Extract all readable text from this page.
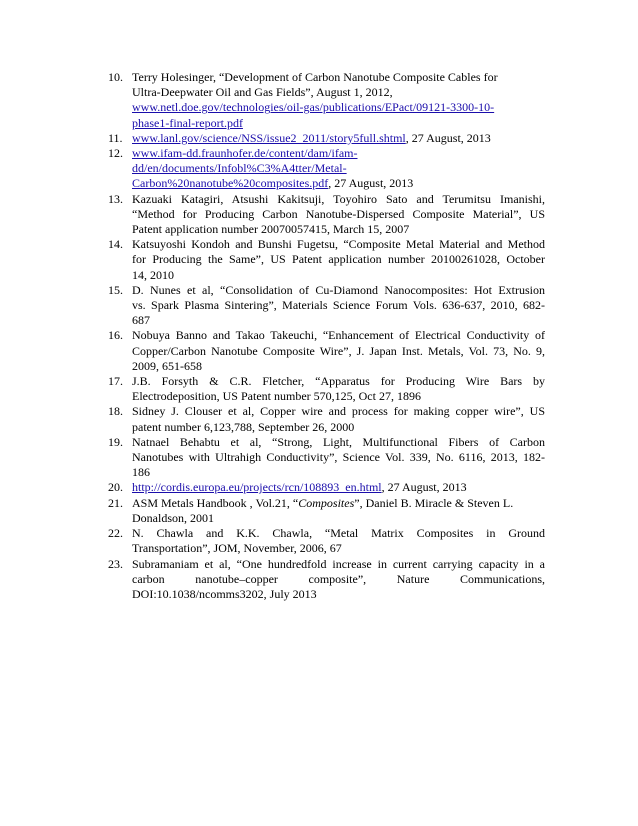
10. Terry Holesinger, “Development of Carbon Nanotube Composite Cables for
Ultra-Deepwater Oil and Gas Fields”, August 1, 2012,
www.netl.doe.gov/technologies/oil-gas/publications/EPact/09121-3300-10-
phase1-final-report.pdf
11. www.lanl.gov/science/NSS/issue2_2011/story5full.shtml, 27 August, 2013
12. www.ifam-dd.fraunhofer.de/content/dam/ifam-
dd/en/documents/Infobl%C3%A4tter/Metal-
Carbon%20nanotube%20composites.pdf, 27 August, 2013
13. Kazuaki Katagiri, Atsushi Kakitsuji, Toyohiro Sato and Terumitsu Imanishi,
“Method for Producing Carbon Nanotube-Dispersed Composite Material”, US
Patent application number 20070057415, March 15, 2007
14. Katsuyoshi Kondoh and Bunshi Fugetsu, “Composite Metal Material and Method
for Producing the Same”, US Patent application number 20100261028, October
14, 2010
15. D. Nunes et al, “Consolidation of Cu-Diamond Nanocomposites: Hot Extrusion
vs. Spark Plasma Sintering”, Materials Science Forum Vols. 636-637, 2010, 682-
687
16. Nobuya Banno and Takao Takeuchi, “Enhancement of Electrical Conductivity of
Copper/Carbon Nanotube Composite Wire”, J. Japan Inst. Metals, Vol. 73, No. 9,
2009, 651-658
17. J.B. Forsyth & C.R. Fletcher, “Apparatus for Producing Wire Bars by
Electrodeposition, US Patent number 570,125, Oct 27, 1896
18. Sidney J. Clouser et al, Copper wire and process for making copper wire”, US
patent number 6,123,788, September 26, 2000
19. Natnael Behabtu et al, “Strong, Light, Multifunctional Fibers of Carbon
Nanotubes with Ultrahigh Conductivity”, Science Vol. 339, No. 6116, 2013, 182-
186
20. http://cordis.europa.eu/projects/rcn/108893_en.html, 27 August, 2013
21. ASM Metals Handbook , Vol.21, “Composites”, Daniel B. Miracle & Steven L.
Donaldson, 2001
22. N. Chawla and K.K. Chawla, “Metal Matrix Composites in Ground
Transportation”, JOM, November, 2006, 67
23. Subramaniam et al, “One hundredfold increase in current carrying capacity in a
carbon nanotube–copper composite”, Nature Communications,
DOI:10.1038/ncomms3202, July 2013
